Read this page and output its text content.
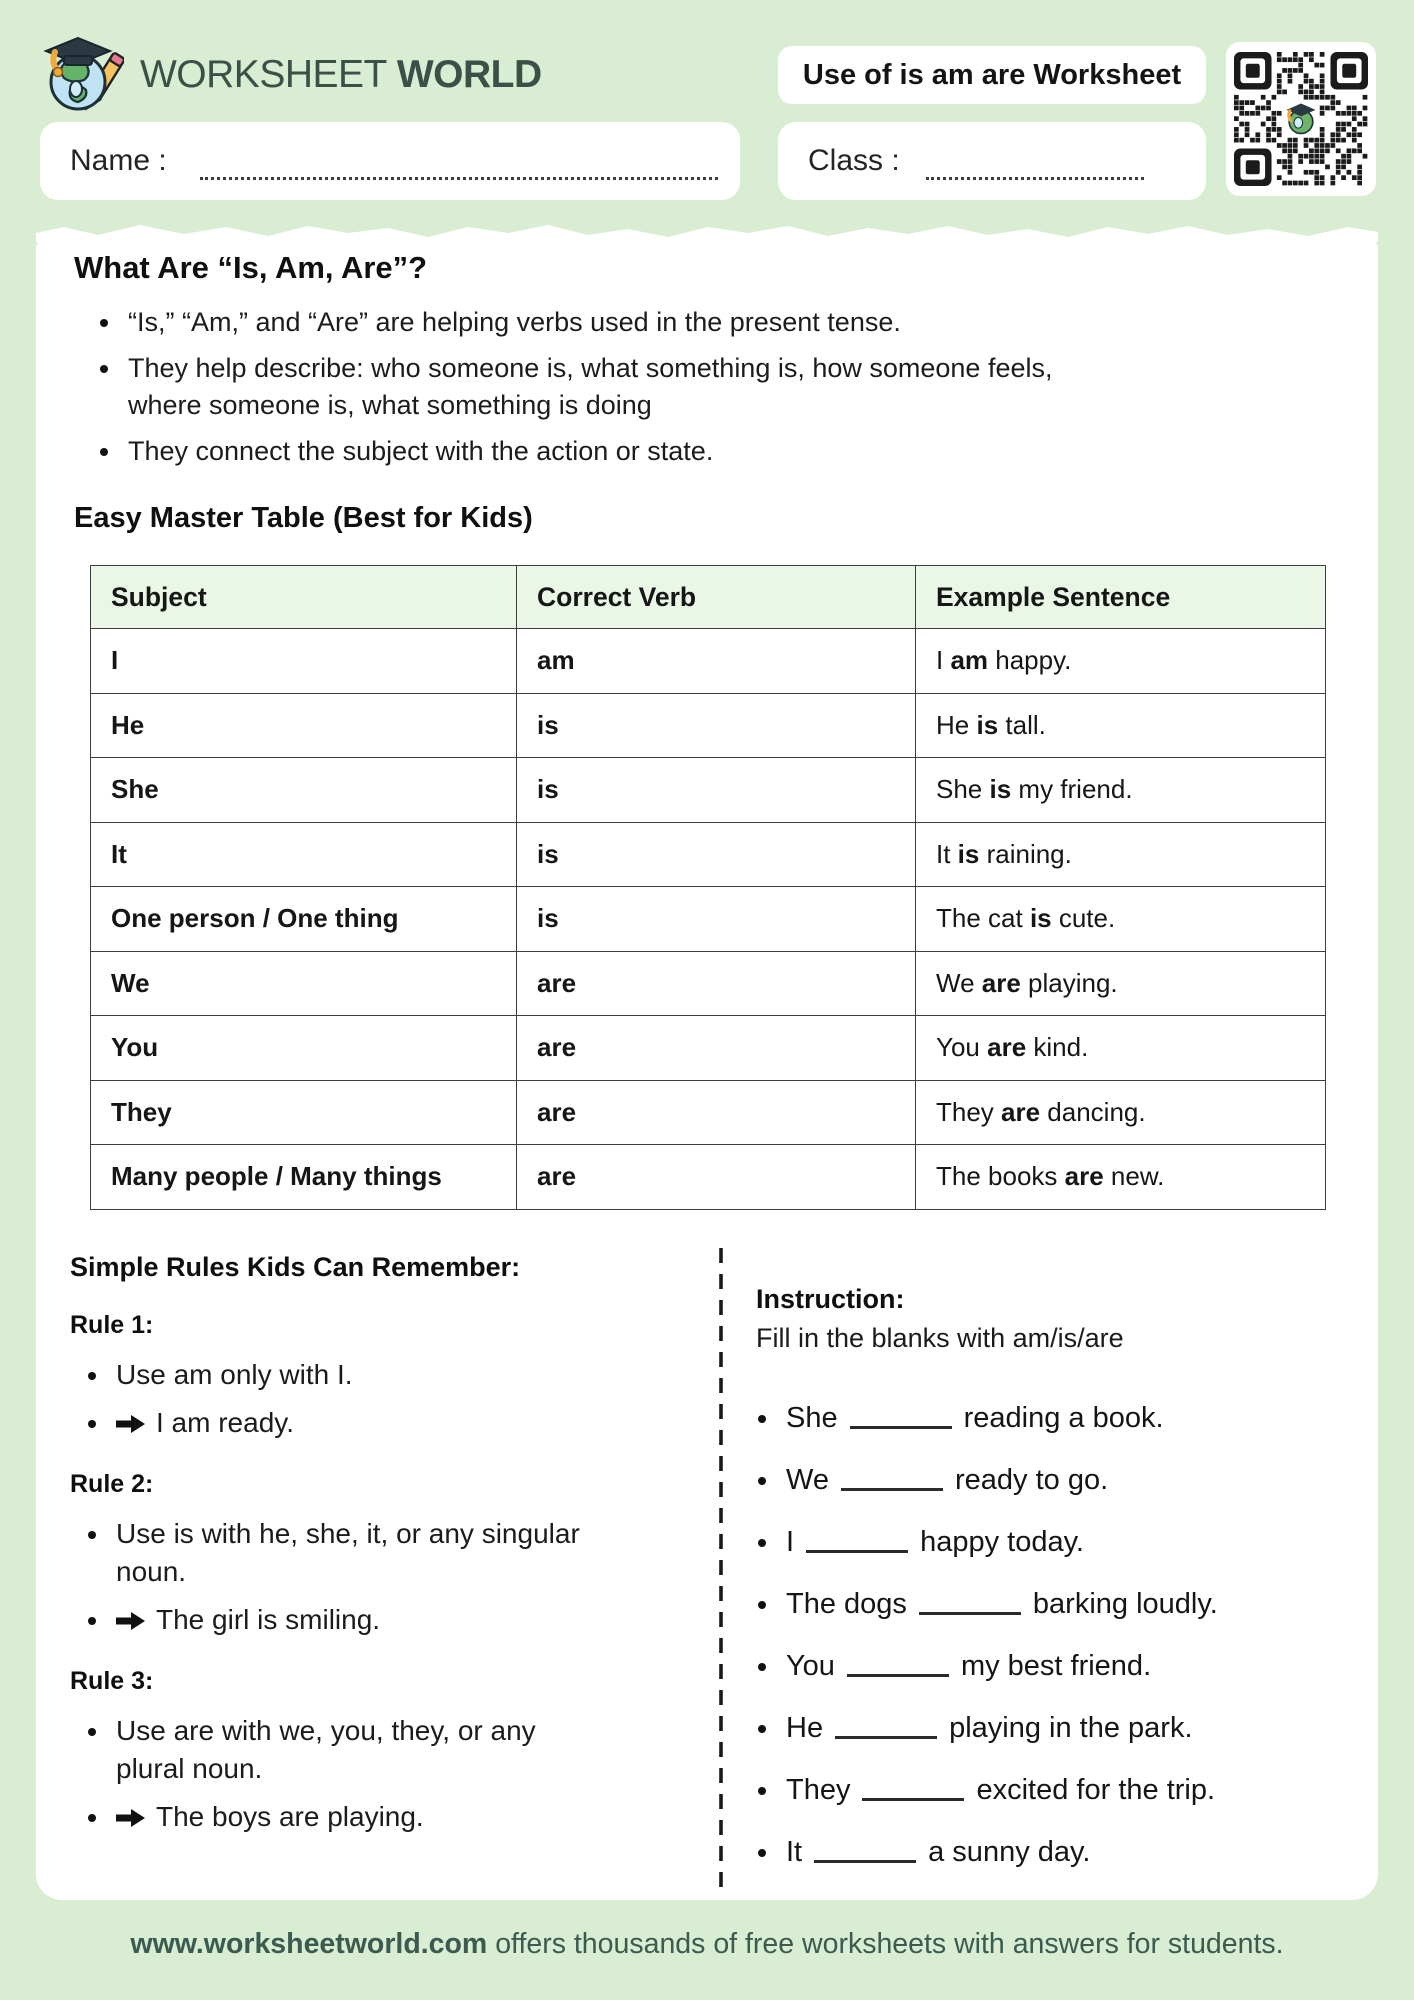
WORKSHEET WORLD	Use of is am are Worksheet
Name :	Class :
What Are “Is, Am, Are”?
“Is,” “Am,” and “Are” are helping verbs used in the present tense.
They help describe: who someone is, what something is, how someone feels, where someone is, what something is doing
They connect the subject with the action or state.
Easy Master Table (Best for Kids)
Subject	Correct Verb	Example Sentence
I	am	I am happy.
He	is	He is tall.
She	is	She is my friend.
It	is	It is raining.
One person / One thing	is	The cat is cute.
We	are	We are playing.
You	are	You are kind.
They	are	They are dancing.
Many people / Many things	are	The books are new.
Simple Rules Kids Can Remember:
Rule 1:
Use am only with I.
I am ready.
Rule 2:
Use is with he, she, it, or any singular noun.
The girl is smiling.
Rule 3:
Use are with we, you, they, or any plural noun.
The boys are playing.
Instruction:
Fill in the blanks with am/is/are
She	reading a book.
We	ready to go.
I	happy today.
The dogs	barking loudly.
You	my best friend.
He	playing in the park.
They	excited for the trip.
It	a sunny day.
www.worksheetworld.com offers thousands of free worksheets with answers for students.
